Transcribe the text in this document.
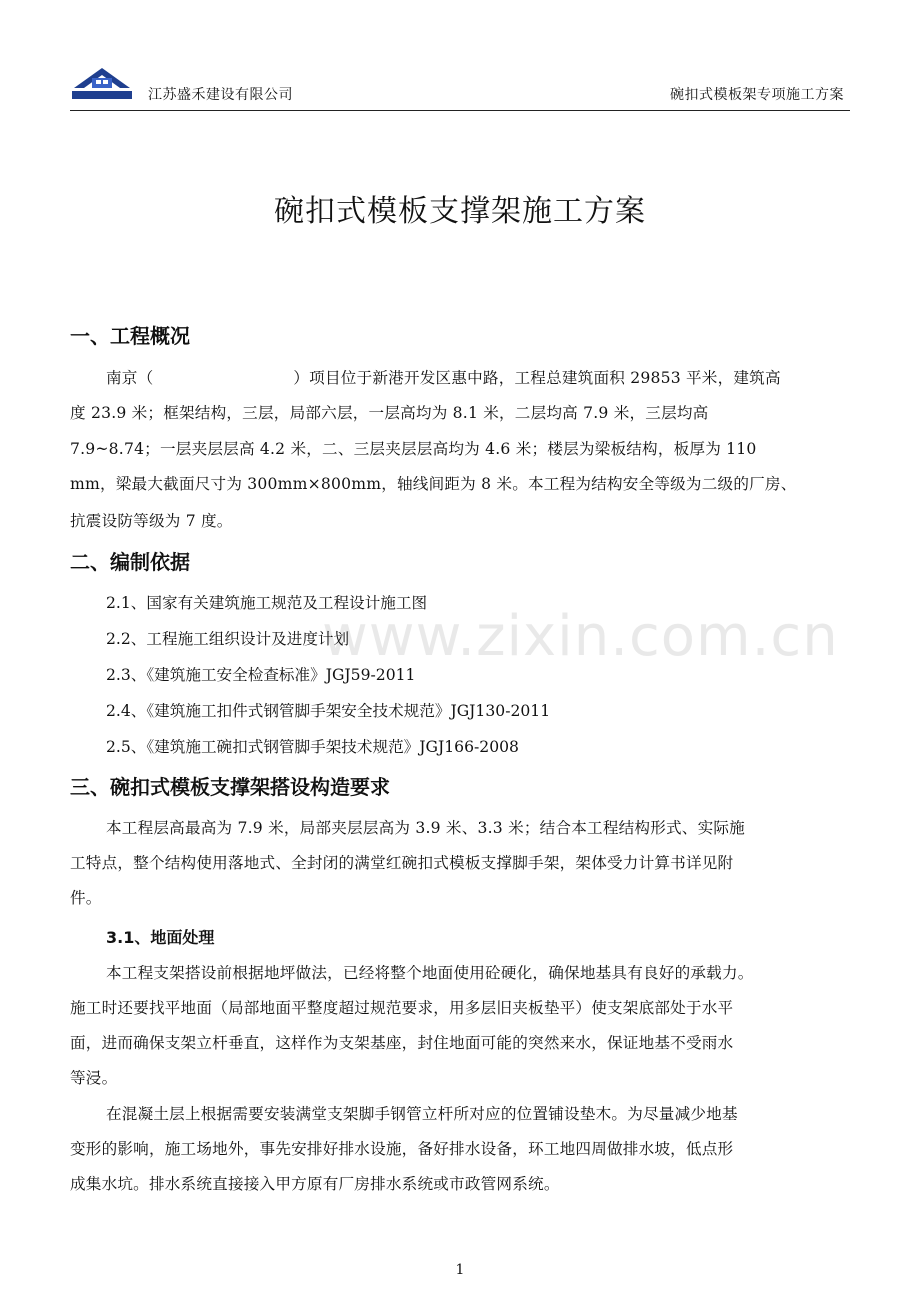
江苏盛禾建设有限公司	碗扣式模板架专项施工方案
www.zixin.com.cn
碗扣式模板支撑架施工方案
一、工程概况
南京（	）项目位于新港开发区惠中路，工程总建筑面积 29853 平米，建筑高
度 23.9 米；框架结构，三层，局部六层，一层高均为 8.1 米，二层均高 7.9 米，三层均高
7.9~8.74；一层夹层层高 4.2 米，二、三层夹层层高均为 4.6 米；楼层为梁板结构，板厚为 110
mm，梁最大截面尺寸为 300mm×800mm，轴线间距为 8 米。本工程为结构安全等级为二级的厂房、
抗震设防等级为 7 度。
二、编制依据
2.1、国家有关建筑施工规范及工程设计施工图
2.2、工程施工组织设计及进度计划
2.3、《建筑施工安全检查标准》JGJ59-2011
2.4、《建筑施工扣件式钢管脚手架安全技术规范》JGJ130-2011
2.5、《建筑施工碗扣式钢管脚手架技术规范》JGJ166-2008
三、碗扣式模板支撑架搭设构造要求
本工程层高最高为 7.9 米，局部夹层层高为 3.9 米、3.3 米；结合本工程结构形式、实际施
工特点，整个结构使用落地式、全封闭的满堂红碗扣式模板支撑脚手架，架体受力计算书详见附
件。
3.1、地面处理
本工程支架搭设前根据地坪做法，已经将整个地面使用砼硬化，确保地基具有良好的承载力。
施工时还要找平地面（局部地面平整度超过规范要求，用多层旧夹板垫平）使支架底部处于水平
面，进而确保支架立杆垂直，这样作为支架基座，封住地面可能的突然来水，保证地基不受雨水
等浸。
在混凝土层上根据需要安装满堂支架脚手钢管立杆所对应的位置铺设垫木。为尽量减少地基
变形的影响，施工场地外，事先安排好排水设施，备好排水设备，环工地四周做排水坡，低点形
成集水坑。排水系统直接接入甲方原有厂房排水系统或市政管网系统。
1
